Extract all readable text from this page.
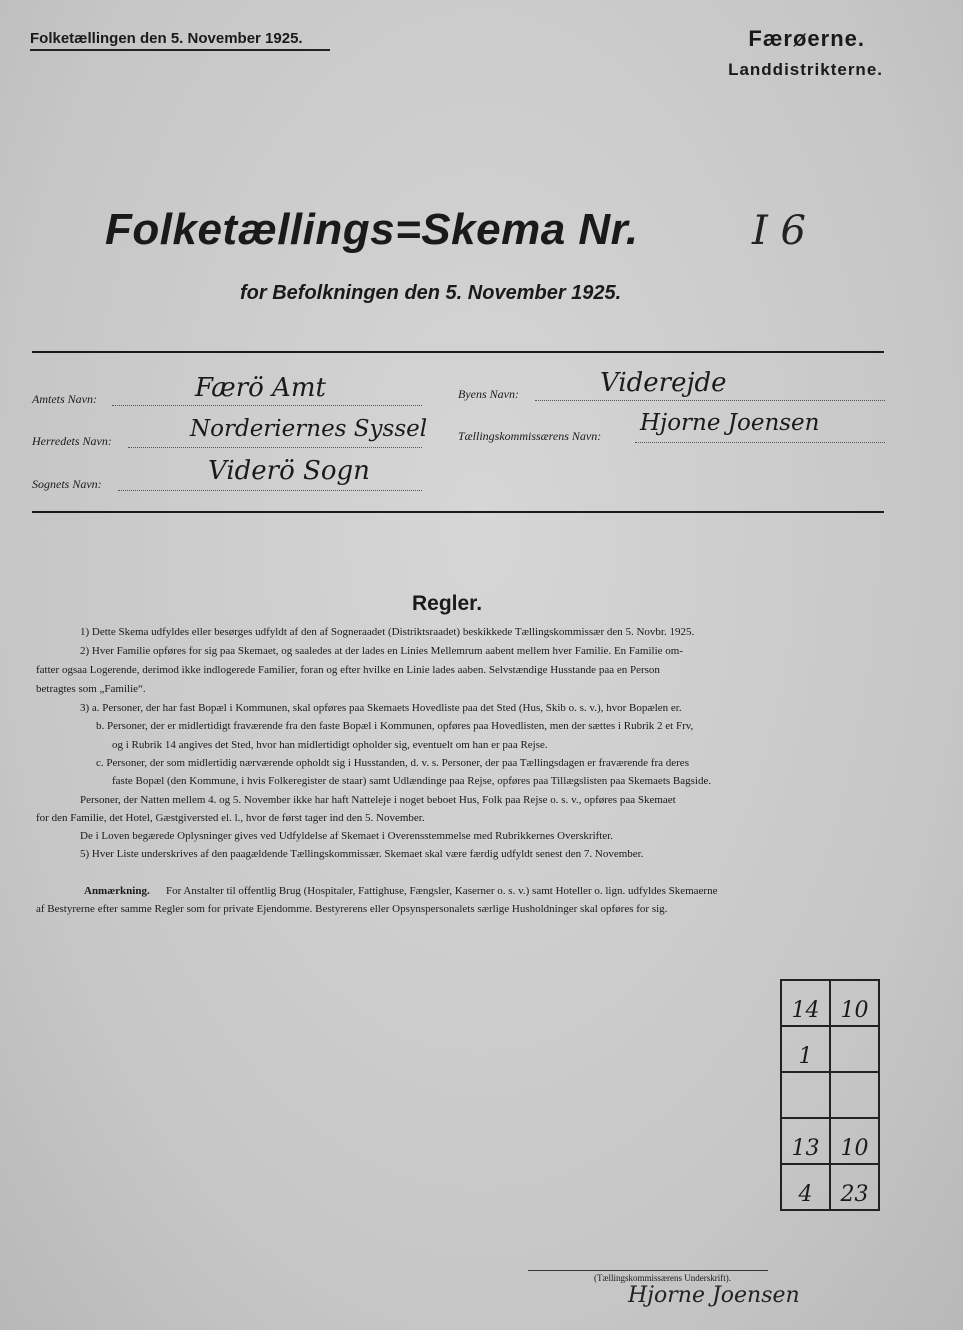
Folketællingen den 5. November 1925.	Færøerne.
Landdistrikterne.
Folketællings=Skema Nr.	I 6
for Befolkningen den 5. November 1925.
Amtets Navn:	Færö Amt
Herredets Navn:	Norderiernes Syssel
Sognets Navn:	Viderö Sogn
Byens Navn:	Viderejde
Tællingskommissærens Navn: Hjorne Joensen
Regler.
1) Dette Skema udfyldes eller besørges udfyldt af den af Sogneraadet (Distriktsraadet) beskikkede Tællingskommissær den 5. Novbr. 1925.
2) Hver Familie opføres for sig paa Skemaet, og saaledes at der lades en Linies Mellemrum aabent mellem hver Familie. En Familie om-
fatter ogsaa Logerende, derimod ikke indlogerede Familier, foran og efter hvilke en Linie lades aaben. Selvstændige Husstande paa en Person
betragtes som „Familie“.
3) a. Personer, der har fast Bopæl i Kommunen, skal opføres paa Skemaets Hovedliste paa det Sted (Hus, Skib o. s. v.), hvor Bopælen er.
b. Personer, der er midlertidigt fraværende fra den faste Bopæl i Kommunen, opføres paa Hovedlisten, men der sættes i Rubrik 2 et Frv,
og i Rubrik 14 angives det Sted, hvor han midlertidigt opholder sig, eventuelt om han er paa Rejse.
c. Personer, der som midlertidig nærværende opholdt sig i Husstanden, d. v. s. Personer, der paa Tællingsdagen er fraværende fra deres
faste Bopæl (den Kommune, i hvis Folkeregister de staar) samt Udlændinge paa Rejse, opføres paa Tillægslisten paa Skemaets Bagside.
Personer, der Natten mellem 4. og 5. November ikke har haft Natteleje i noget beboet Hus, Folk paa Rejse o. s. v., opføres paa Skemaet
for den Familie, det Hotel, Gæstgiversted el. l., hvor de først tager ind den 5. November.
De i Loven begærede Oplysninger gives ved Udfyldelse af Skemaet i Overensstemmelse med Rubrikkernes Overskrifter.
5) Hver Liste underskrives af den paagældende Tællingskommissær. Skemaet skal være færdig udfyldt senest den 7. November.
Anmærkning. For Anstalter til offentlig Brug (Hospitaler, Fattighuse, Fængsler, Kaserner o. s. v.) samt Hoteller o. lign. udfyldes Skemaerne
af Bestyrerne efter samme Regler som for private Ejendomme. Bestyrerens eller Opsynspersonalets særlige Husholdninger skal opføres for sig.
14	10
1	

13	10
4	23
(Tællingskommissærens Underskrift).
Hjorne Joensen
